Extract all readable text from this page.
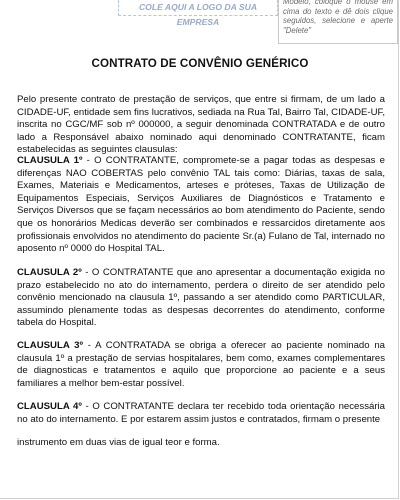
COLE AQUI A LOGO DA SUA EMPRESA
Modelo, coloque o mouse em cima do texto e dê dois clique seguidos, selecione e aperte "Delete"
CONTRATO DE CONVÊNIO GENÉRICO

Pelo presente contrato de prestação de serviços, que entre si firmam, de um lado a CIDADE-UF, entidade sem fins lucrativos, sediada na Rua Tal, Bairro Tal, CIDADE-UF, inscrita no CGC/MF sob nº 000000, a seguir denominada CONTRATADA e de outro lado a Responsável abaixo nominado aqui denominado CONTRATANTE, ficam estabelecidas as seguintes clausulas:

CLAUSULA 1º - O CONTRATANTE, compromete-se a pagar todas as despesas e diferenças NAO COBERTAS pelo convênio TAL tais como: Diárias, taxas de sala, Exames, Materiais e Medicamentos, arteses e próteses, Taxas de Utilização de Equipamentos Especiais, Serviços Auxiliares de Diagnósticos e Tratamento e Serviços Diversos que se façam necessários ao bom atendimento do Paciente, sendo que os honorários Medicas deverão ser combinados e ressarcidos diretamente aos profissionais envolvidos no atendimento do paciente Sr.(a) Fulano de Tal, internado no aposento nº 0000 do Hospital TAL.

CLAUSULA 2º - O CONTRATANTE que ano apresentar a documentação exigida no prazo estabelecido no ato do internamento, perdera o direito de ser atendido pelo convênio mencionado na clausula 1º, passando a ser atendido como PARTICULAR, assumindo plenamente todas as despesas decorrentes do atendimento, conforme tabela do Hospital.

CLAUSULA 3º - A CONTRATADA se obriga a oferecer ao paciente nominado na clausula 1º a prestação de servias hospitalares, bem como, exames complementares de diagnosticas e tratamentos e aquilo que proporcione ao paciente e a seus familiares a melhor bem-estar possível.

CLAUSULA 4º - O CONTRATANTE declara ter recebido toda orientação necessária no ato do internamento. E por estarem assim justos e contratados, firmam o presente

instrumento em duas vias de igual teor e forma.
